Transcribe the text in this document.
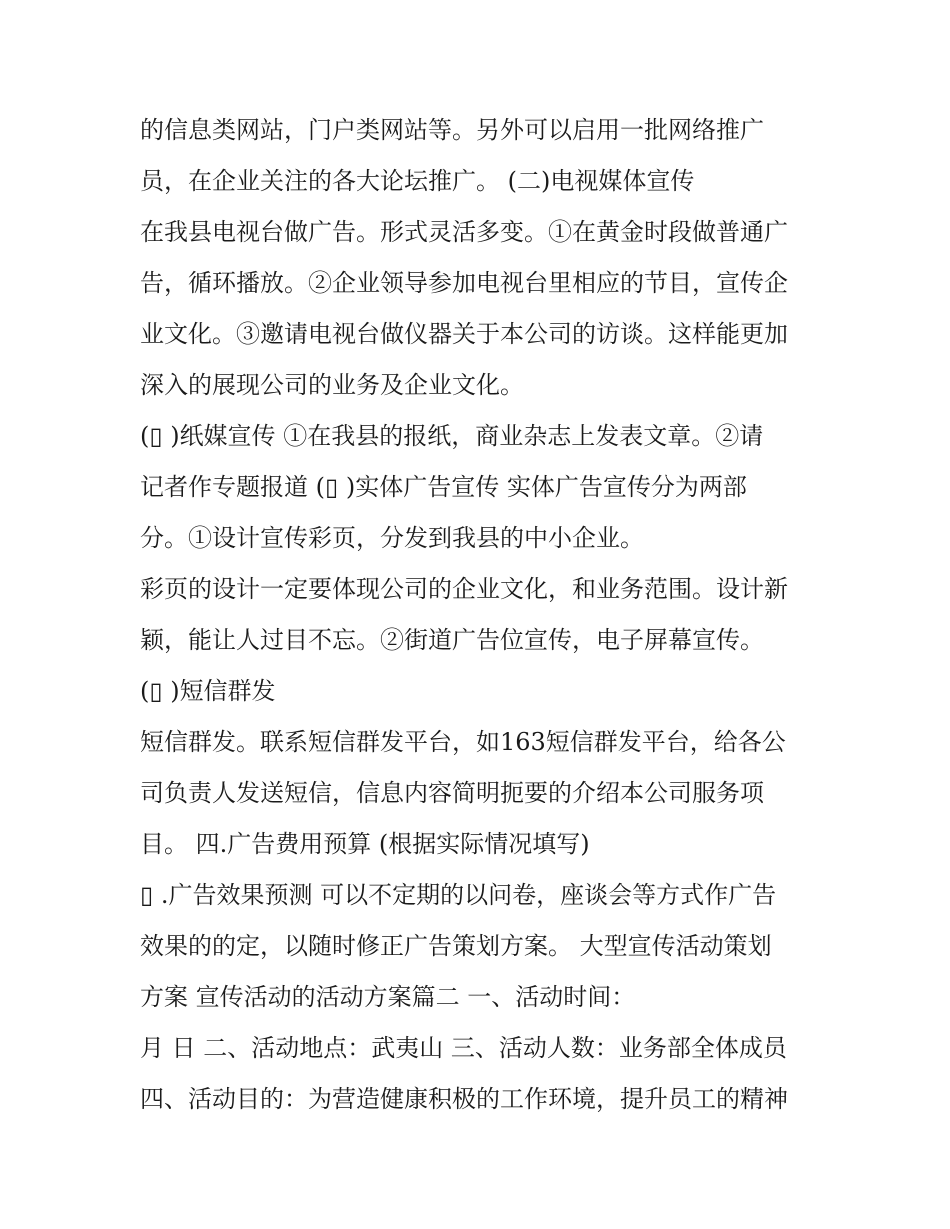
的信息类网站，门户类网站等。另外可以启用一批网络推广
员，在企业关注的各大论坛推广。 (二)电视媒体宣传
在我县电视台做广告。形式灵活多变。①在黄金时段做普通广
告，循环播放。②企业领导参加电视台里相应的节目，宣传企
业文化。③邀请电视台做仪器关于本公司的访谈。这样能更加
深入的展现公司的业务及企业文化。
(▯ )纸媒宣传 ①在我县的报纸，商业杂志上发表文章。②请
记者作专题报道 (▯ )实体广告宣传 实体广告宣传分为两部
分。①设计宣传彩页，分发到我县的中小企业。
彩页的设计一定要体现公司的企业文化，和业务范围。设计新
颖，能让人过目不忘。②街道广告位宣传，电子屏幕宣传。
(▯ )短信群发
短信群发。联系短信群发平台，如163短信群发平台，给各公
司负责人发送短信，信息内容简明扼要的介绍本公司服务项
目。 四.广告费用预算 (根据实际情况填写)
▯ .广告效果预测 可以不定期的以问卷，座谈会等方式作广告
效果的的定，以随时修正广告策划方案。 大型宣传活动策划
方案 宣传活动的活动方案篇二 一、活动时间：
月 日 二、活动地点：武夷山 三、活动人数：业务部全体成员
四、活动目的：为营造健康积极的工作环境，提升员工的精神
